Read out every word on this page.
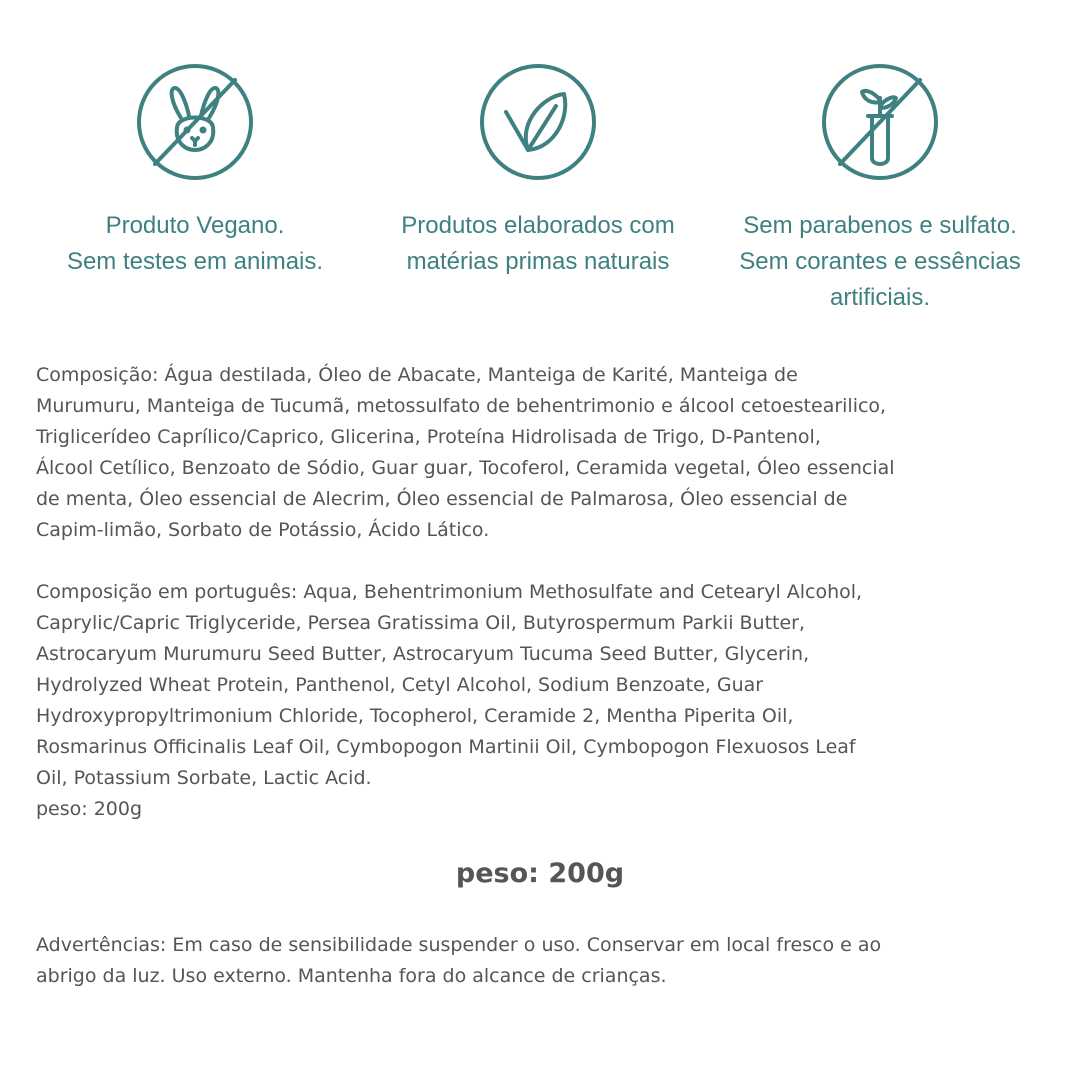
Produto Vegano.
Sem testes em animais.
Produtos elaborados com
matérias primas naturais
Sem parabenos e sulfato.
Sem corantes e essências
artificiais.
Composição: Água destilada, Óleo de Abacate, Manteiga de Karité, Manteiga de
Murumuru, Manteiga de Tucumã, metossulfato de behentrimonio e álcool cetoestearilico,
Triglicerídeo Caprílico/Caprico, Glicerina, Proteína Hidrolisada de Trigo, D-Pantenol,
Álcool Cetílico, Benzoato de Sódio, Guar guar, Tocoferol, Ceramida vegetal, Óleo essencial
de menta, Óleo essencial de Alecrim, Óleo essencial de Palmarosa, Óleo essencial de
Capim-limão, Sorbato de Potássio, Ácido Lático.
Composição em português: Aqua, Behentrimonium Methosulfate and Cetearyl Alcohol,
Caprylic/Capric Triglyceride, Persea Gratissima Oil, Butyrospermum Parkii Butter,
Astrocaryum Murumuru Seed Butter, Astrocaryum Tucuma Seed Butter, Glycerin,
Hydrolyzed Wheat Protein, Panthenol, Cetyl Alcohol, Sodium Benzoate, Guar
Hydroxypropyltrimonium Chloride, Tocopherol, Ceramide 2, Mentha Piperita Oil,
Rosmarinus Officinalis Leaf Oil, Cymbopogon Martinii Oil, Cymbopogon Flexuosos Leaf
Oil, Potassium Sorbate, Lactic Acid.
peso: 200g
peso: 200g
Advertências: Em caso de sensibilidade suspender o uso. Conservar em local fresco e ao
abrigo da luz. Uso externo. Mantenha fora do alcance de crianças.
